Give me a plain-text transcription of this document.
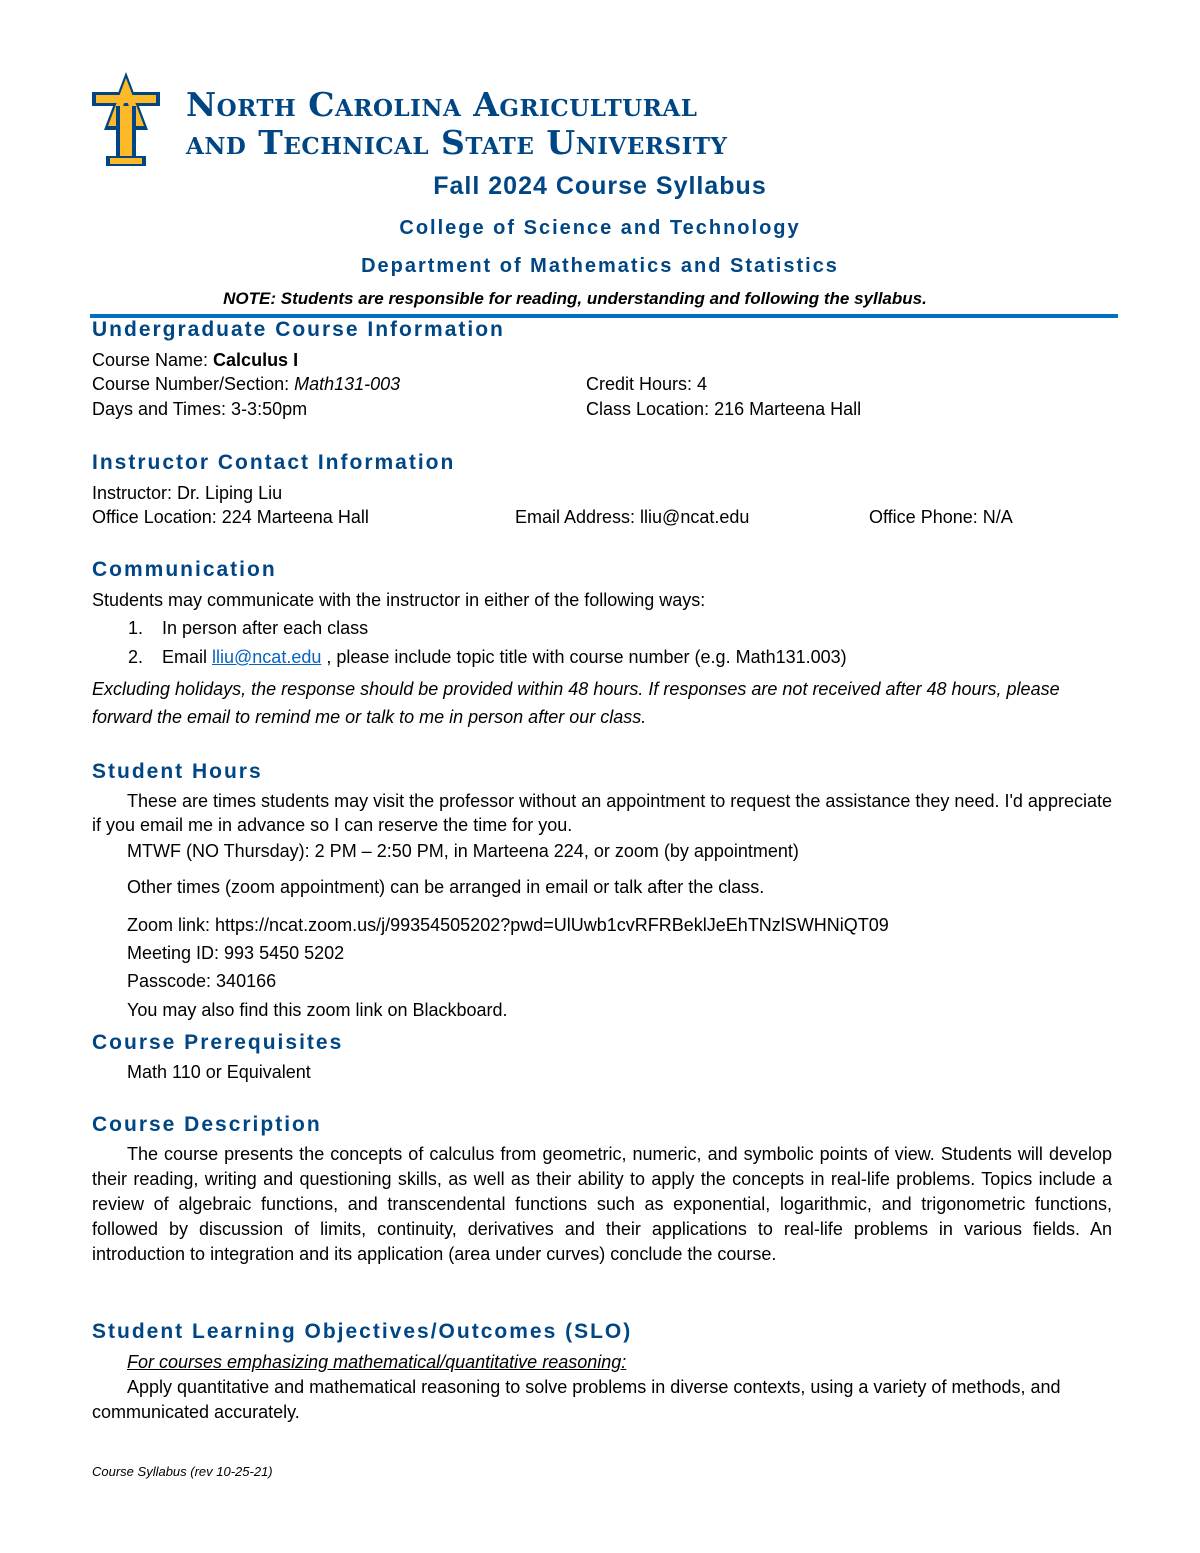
North Carolina Agricultural
and Technical State University
Fall 2024 Course Syllabus
College of Science and Technology
Department of Mathematics and Statistics
NOTE: Students are responsible for reading, understanding and following the syllabus.
Undergraduate Course Information
Course Name: Calculus I
Course Number/Section: Math131-003	Credit Hours: 4
Days and Times: 3-3:50pm	Class Location: 216 Marteena Hall
Instructor Contact Information
Instructor: Dr. Liping Liu
Office Location: 224 Marteena Hall	Email Address: lliu@ncat.edu	Office Phone: N/A
Communication
Students may communicate with the instructor in either of the following ways:
1. In person after each class
2. Email lliu@ncat.edu , please include topic title with course number (e.g. Math131.003)
Excluding holidays, the response should be provided within 48 hours. If responses are not received after 48 hours, please forward the email to remind me or talk to me in person after our class.
Student Hours
These are times students may visit the professor without an appointment to request the assistance they need. I'd appreciate if you email me in advance so I can reserve the time for you.
MTWF (NO Thursday): 2 PM – 2:50 PM, in Marteena 224, or zoom (by appointment)
Other times (zoom appointment) can be arranged in email or talk after the class.
Zoom link: https://ncat.zoom.us/j/99354505202?pwd=UlUwb1cvRFRBeklJeEhTNzlSWHNiQT09
Meeting ID: 993 5450 5202
Passcode: 340166
You may also find this zoom link on Blackboard.
Course Prerequisites
Math 110 or Equivalent
Course Description
The course presents the concepts of calculus from geometric, numeric, and symbolic points of view. Students will develop their reading, writing and questioning skills, as well as their ability to apply the concepts in real-life problems. Topics include a review of algebraic functions, and transcendental functions such as exponential, logarithmic, and trigonometric functions, followed by discussion of limits, continuity, derivatives and their applications to real-life problems in various fields. An introduction to integration and its application (area under curves) conclude the course.
Student Learning Objectives/Outcomes (SLO)
For courses emphasizing mathematical/quantitative reasoning:
Apply quantitative and mathematical reasoning to solve problems in diverse contexts, using a variety of methods, and communicated accurately.
Course Syllabus (rev 10-25-21)
